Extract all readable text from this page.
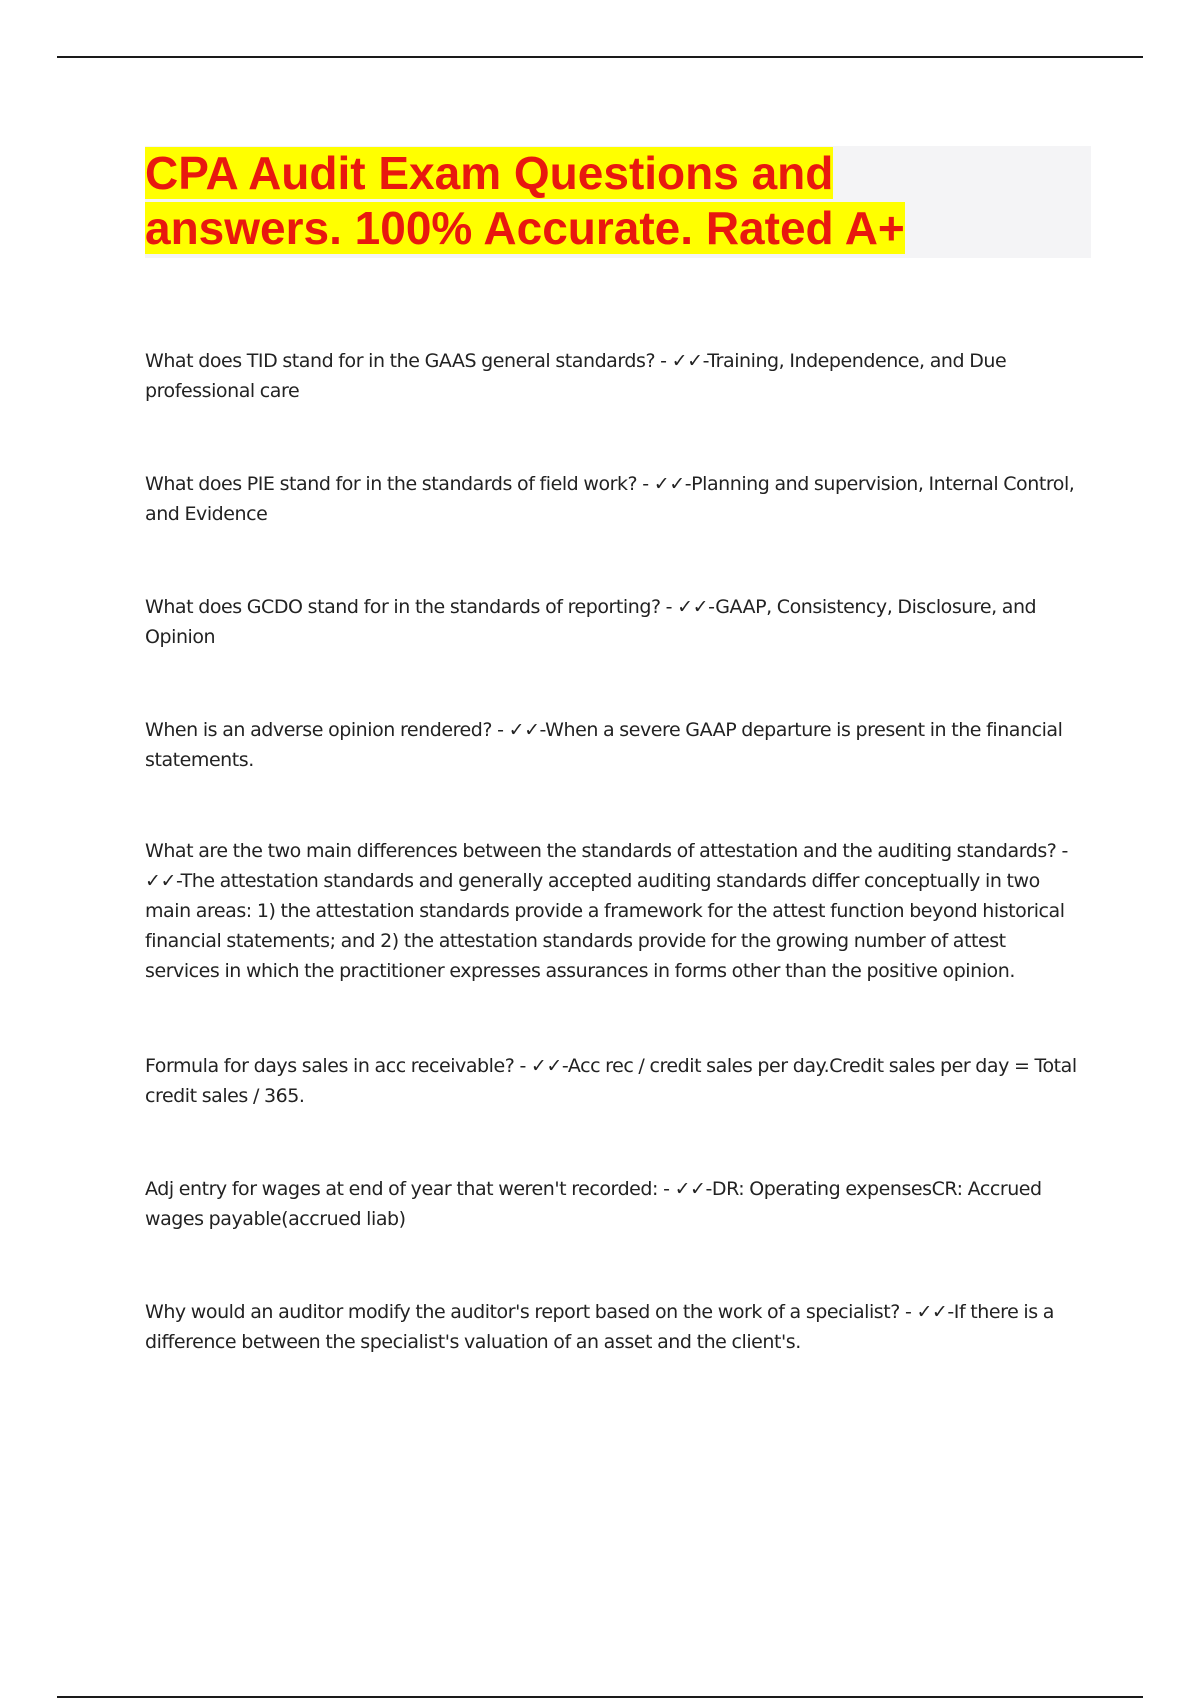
CPA Audit Exam Questions and
answers. 100% Accurate. Rated A+

What does TID stand for in the GAAS general standards? - ✓✓-Training, Independence, and Due professional care

What does PIE stand for in the standards of field work? - ✓✓-Planning and supervision, Internal Control, and Evidence

What does GCDO stand for in the standards of reporting? - ✓✓-GAAP, Consistency, Disclosure, and Opinion

When is an adverse opinion rendered? - ✓✓-When a severe GAAP departure is present in the financial statements.

What are the two main differences between the standards of attestation and the auditing standards? - ✓✓-The attestation standards and generally accepted auditing standards differ conceptually in two main areas: 1) the attestation standards provide a framework for the attest function beyond historical financial statements; and 2) the attestation standards provide for the growing number of attest services in which the practitioner expresses assurances in forms other than the positive opinion.

Formula for days sales in acc receivable? - ✓✓-Acc rec / credit sales per day.Credit sales per day = Total credit sales / 365.

Adj entry for wages at end of year that weren't recorded: - ✓✓-DR: Operating expensesCR: Accrued wages payable(accrued liab)

Why would an auditor modify the auditor's report based on the work of a specialist? - ✓✓-If there is a difference between the specialist's valuation of an asset and the client's.
